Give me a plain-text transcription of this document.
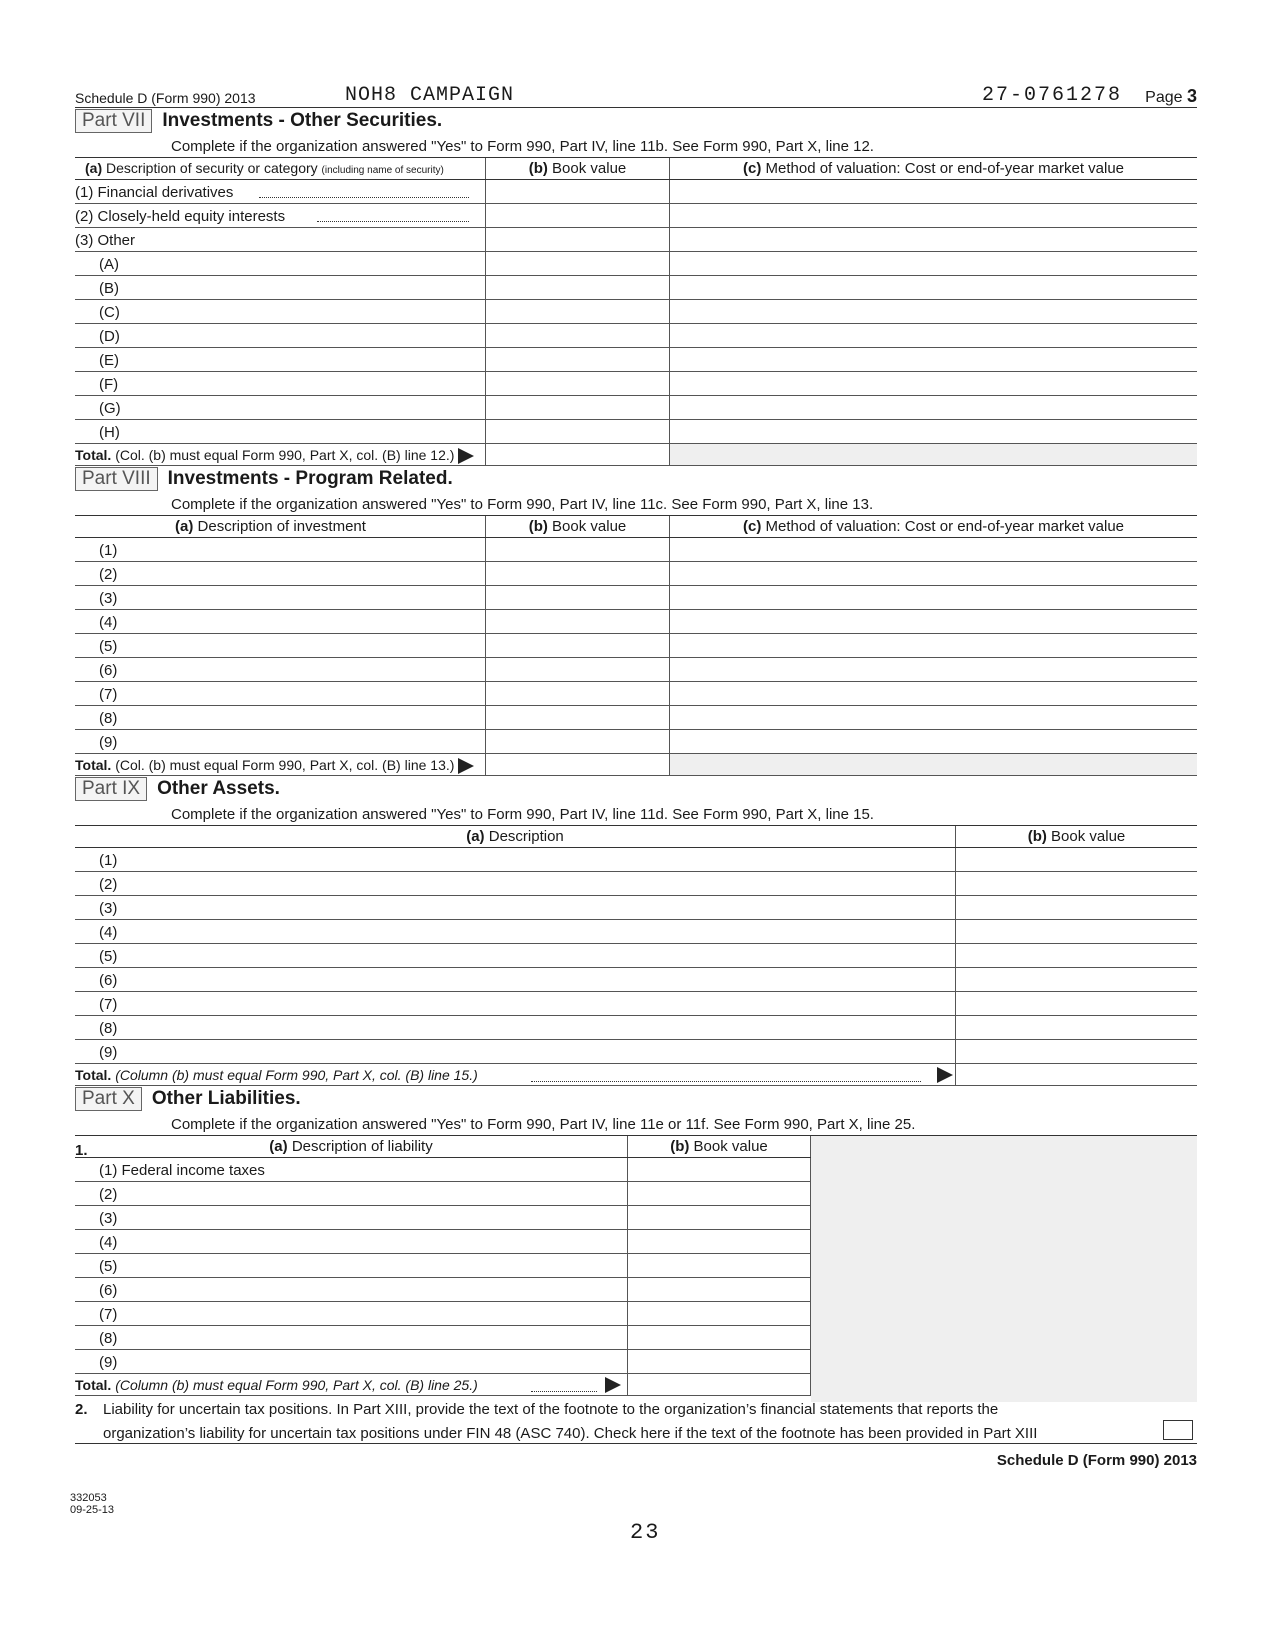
Schedule D (Form 990) 2013	NOH8 CAMPAIGN	27-0761278 Page 3
Part VII Investments - Other Securities.
Complete if the organization answered "Yes" to Form 990, Part IV, line 11b. See Form 990, Part X, line 12.
(a) Description of security or category (including name of security)	(b) Book value	(c) Method of valuation: Cost or end-of-year market value
(1) Financial derivatives
(2) Closely-held equity interests
(3) Other
(A)
(B)
(C)
(D)
(E)
(F)
(G)
(H)
Total. (Col. (b) must equal Form 990, Part X, col. (B) line 12.)
Part VIII Investments - Program Related.
Complete if the organization answered "Yes" to Form 990, Part IV, line 11c. See Form 990, Part X, line 13.
(a) Description of investment	(b) Book value	(c) Method of valuation: Cost or end-of-year market value
(1)
(2)
(3)
(4)
(5)
(6)
(7)
(8)
(9)
Total. (Col. (b) must equal Form 990, Part X, col. (B) line 13.)
Part IX Other Assets.
Complete if the organization answered "Yes" to Form 990, Part IV, line 11d. See Form 990, Part X, line 15.
(a) Description	(b) Book value
(1)
(2)
(3)
(4)
(5)
(6)
(7)
(8)
(9)
Total. (Column (b) must equal Form 990, Part X, col. (B) line 15.)
Part X Other Liabilities.
Complete if the organization answered "Yes" to Form 990, Part IV, line 11e or 11f. See Form 990, Part X, line 25.
1.	(a) Description of liability	(b) Book value
(1) Federal income taxes
(2)
(3)
(4)
(5)
(6)
(7)
(8)
(9)
Total. (Column (b) must equal Form 990, Part X, col. (B) line 25.)
2. Liability for uncertain tax positions. In Part XIII, provide the text of the footnote to the organization’s financial statements that reports the
organization’s liability for uncertain tax positions under FIN 48 (ASC 740). Check here if the text of the footnote has been provided in Part XIII
Schedule D (Form 990) 2013
332053
09-25-13
23
